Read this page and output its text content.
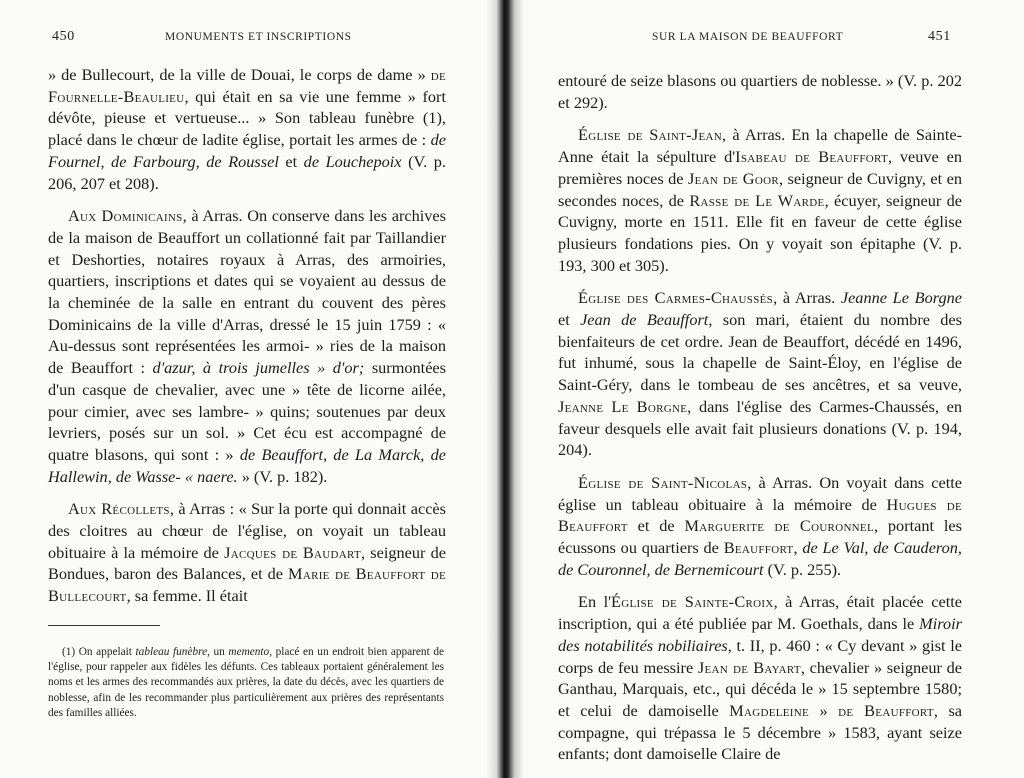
450	MONUMENTS ET INSCRIPTIONS

» de Bullecourt, de la ville de Douai, le corps de dame » de Fournelle-Beaulieu, qui était en sa vie une femme » fort dévôte, pieuse et vertueuse... » Son tableau funèbre (1), placé dans le chœur de ladite église, portait les armes de : de Fournel, de Farbourg, de Roussel et de Louchepoix (V. p. 206, 207 et 208).

Aux Dominicains, à Arras. On conserve dans les archives de la maison de Beauffort un collationné fait par Taillandier et Deshorties, notaires royaux à Arras, des armoiries, quartiers, inscriptions et dates qui se voyaient au dessus de la cheminée de la salle en entrant du couvent des pères Dominicains de la ville d'Arras, dressé le 15 juin 1759 : « Au-dessus sont représentées les armoi- » ries de la maison de Beauffort : d'azur, à trois jumelles » d'or; surmontées d'un casque de chevalier, avec une » tête de licorne ailée, pour cimier, avec ses lambre- » quins; soutenues par deux levriers, posés sur un sol. » Cet écu est accompagné de quatre blasons, qui sont : » de Beauffort, de La Marck, de Hallewin, de Wasse- « naere. » (V. p. 182).

Aux Récollets, à Arras : « Sur la porte qui donnait accès des cloitres au chœur de l'église, on voyait un tableau obituaire à la mémoire de Jacques de Baudart, seigneur de Bondues, baron des Balances, et de Marie de Beauffort de Bullecourt, sa femme. Il était

(1) On appelait tableau funèbre, un memento, placé en un endroit bien apparent de l'église, pour rappeler aux fidèles les défunts. Ces tableaux portaient généralement les noms et les armes des recommandés aux prières, la date du décès, avec les quartiers de noblesse, afin de les recommander plus particulièrement aux prières des représentants des familles alliées.
SUR LA MAISON DE BEAUFFORT	451

entouré de seize blasons ou quartiers de noblesse. » (V. p. 202 et 292).

Église de Saint-Jean, à Arras. En la chapelle de Sainte-Anne était la sépulture d'Isabeau de Beauffort, veuve en premières noces de Jean de Goor, seigneur de Cuvigny, et en secondes noces, de Rasse de Le Warde, écuyer, seigneur de Cuvigny, morte en 1511. Elle fit en faveur de cette église plusieurs fondations pies. On y voyait son épitaphe (V. p. 193, 300 et 305).

Église des Carmes-Chaussés, à Arras. Jeanne Le Borgne et Jean de Beauffort, son mari, étaient du nombre des bienfaiteurs de cet ordre. Jean de Beauffort, décédé en 1496, fut inhumé, sous la chapelle de Saint-Éloy, en l'église de Saint-Géry, dans le tombeau de ses ancêtres, et sa veuve, Jeanne Le Borgne, dans l'église des Carmes-Chaussés, en faveur desquels elle avait fait plusieurs donations (V. p. 194, 204).

Église de Saint-Nicolas, à Arras. On voyait dans cette église un tableau obituaire à la mémoire de Hugues de Beauffort et de Marguerite de Couronnel, portant les écussons ou quartiers de Beauffort, de Le Val, de Cauderon, de Couronnel, de Bernemicourt (V. p. 255).

En l'Église de Sainte-Croix, à Arras, était placée cette inscription, qui a été publiée par M. Goethals, dans le Miroir des notabilités nobiliaires, t. II, p. 460 : « Cy devant » gist le corps de feu messire Jean de Bayart, chevalier » seigneur de Ganthau, Marquais, etc., qui décéda le » 15 septembre 1580; et celui de damoiselle Magdeleine » de Beauffort, sa compagne, qui trépassa le 5 décembre » 1583, ayant seize enfants; dont damoiselle Claire de
